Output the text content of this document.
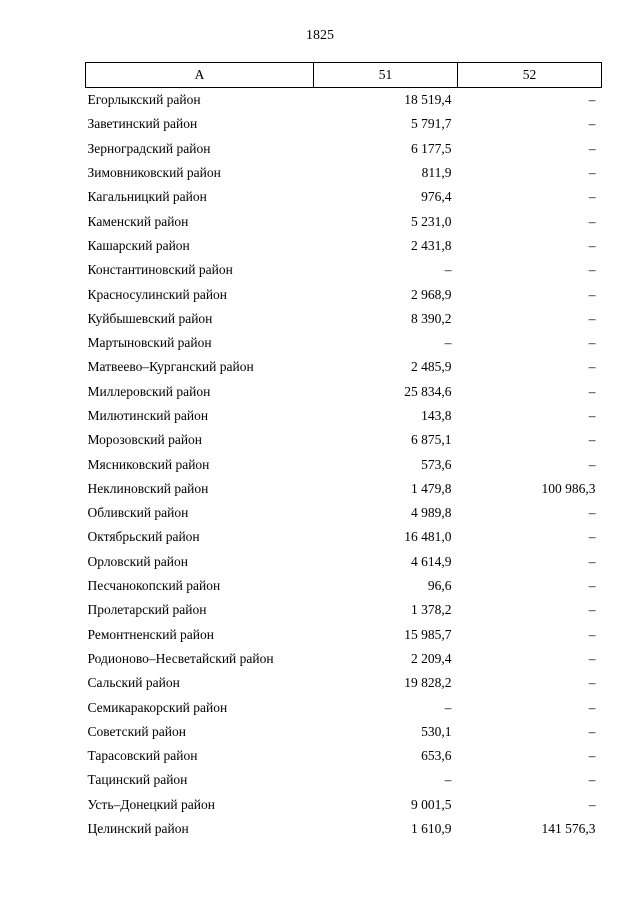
1825
А	51	52
Егорлыкский район	18 519,4	–
Заветинский район	5 791,7	–
Зерноградский район	6 177,5	–
Зимовниковский район	811,9	–
Кагальницкий район	976,4	–
Каменский район	5 231,0	–
Кашарский район	2 431,8	–
Константиновский район	–	–
Красносулинский район	2 968,9	–
Куйбышевский район	8 390,2	–
Мартыновский район	–	–
Матвеево–Курганский район	2 485,9	–
Миллеровский район	25 834,6	–
Милютинский район	143,8	–
Морозовский район	6 875,1	–
Мясниковский район	573,6	–
Неклиновский район	1 479,8	100 986,3
Обливский район	4 989,8	–
Октябрьский район	16 481,0	–
Орловский район	4 614,9	–
Песчанокопский район	96,6	–
Пролетарский район	1 378,2	–
Ремонтненский район	15 985,7	–
Родионово–Несветайский район	2 209,4	–
Сальский район	19 828,2	–
Семикаракорский район	–	–
Советский район	530,1	–
Тарасовский район	653,6	–
Тацинский район	–	–
Усть–Донецкий район	9 001,5	–
Целинский район	1 610,9	141 576,3
